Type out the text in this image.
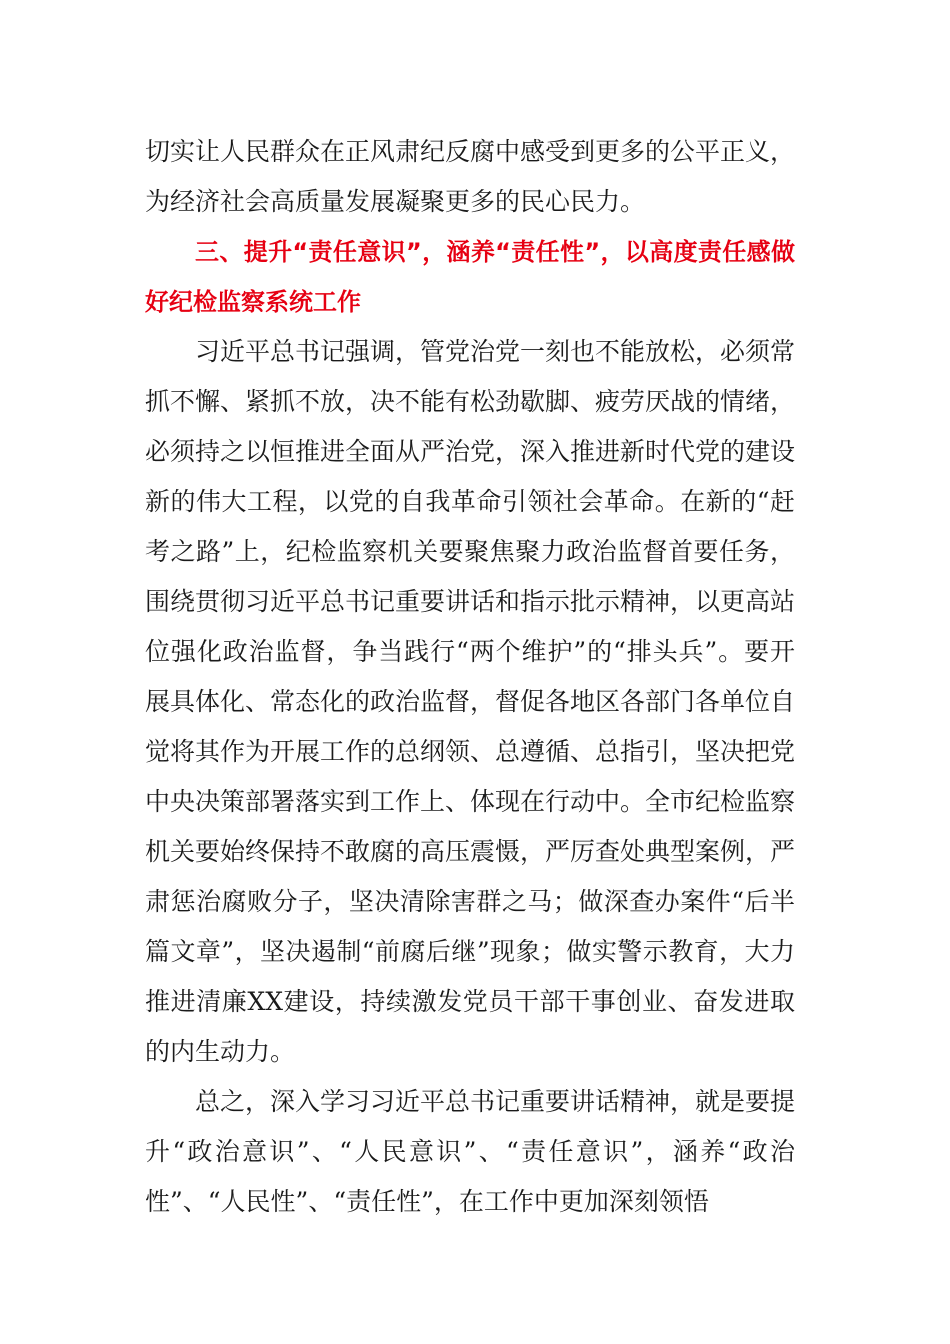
切实让人民群众在正风肃纪反腐中感受到更多的公平正义，为经济社会高质量发展凝聚更多的民心民力。

三、提升“责任意识”，涵养“责任性”，以高度责任感做好纪检监察系统工作

习近平总书记强调，管党治党一刻也不能放松，必须常抓不懈、紧抓不放，决不能有松劲歇脚、疲劳厌战的情绪，必须持之以恒推进全面从严治党，深入推进新时代党的建设新的伟大工程，以党的自我革命引领社会革命。在新的“赶考之路”上，纪检监察机关要聚焦聚力政治监督首要任务，围绕贯彻习近平总书记重要讲话和指示批示精神，以更高站位强化政治监督，争当践行“两个维护”的“排头兵”。要开展具体化、常态化的政治监督，督促各地区各部门各单位自觉将其作为开展工作的总纲领、总遵循、总指引，坚决把党中央决策部署落实到工作上、体现在行动中。全市纪检监察机关要始终保持不敢腐的高压震慑，严厉查处典型案例，严肃惩治腐败分子，坚决清除害群之马；做深查办案件“后半篇文章”，坚决遏制“前腐后继”现象；做实警示教育，大力推进清廉XX建设，持续激发党员干部干事创业、奋发进取的内生动力。

总之，深入学习习近平总书记重要讲话精神，就是要提升“政治意识”、“人民意识”、“责任意识”，涵养“政治性”、“人民性”、“责任性”，在工作中更加深刻领悟
